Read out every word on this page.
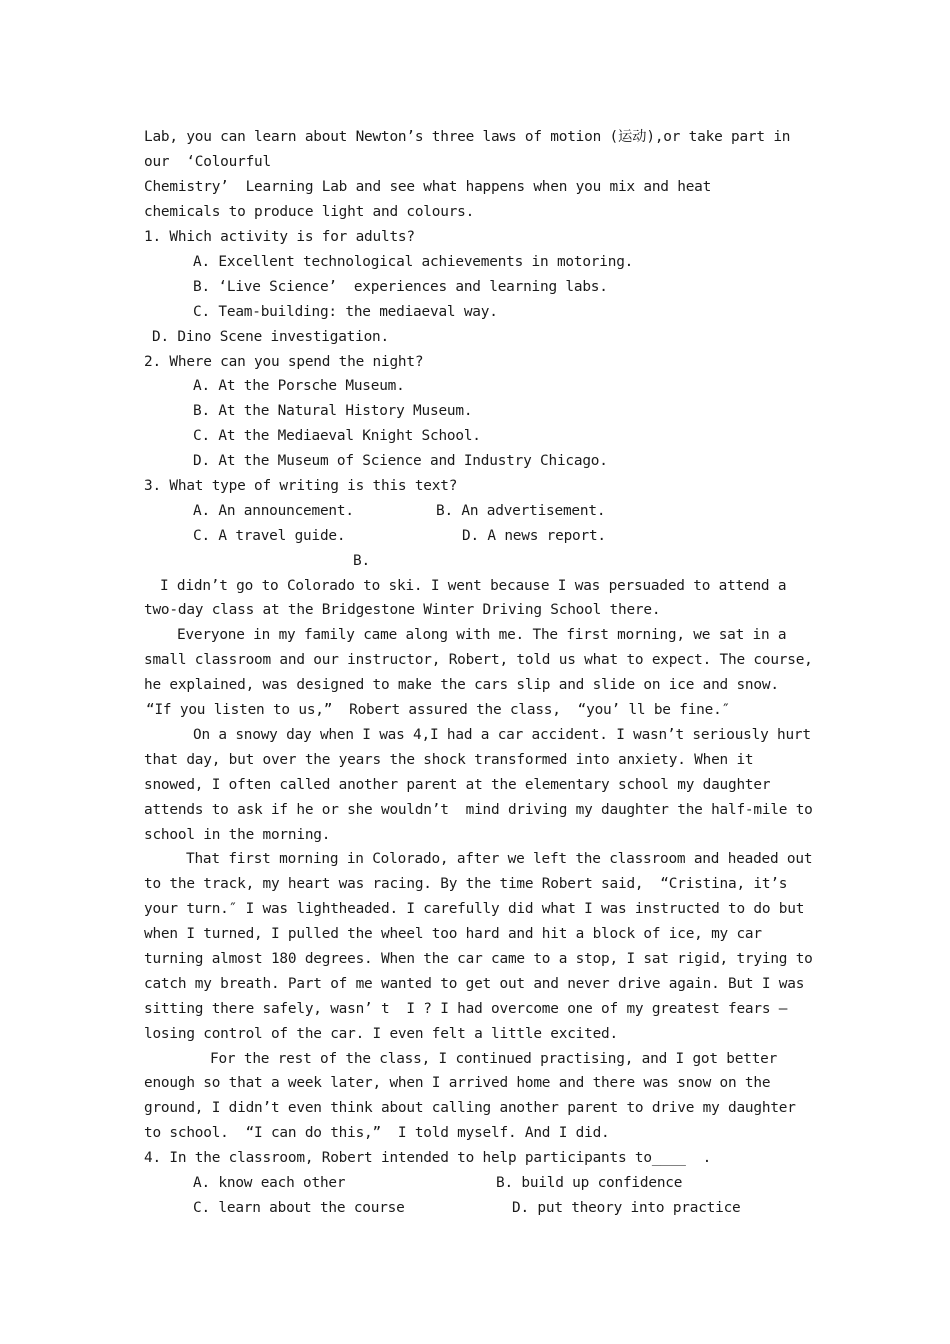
Lab, you can learn about Newton’s three laws of motion (运动),or take part in
our  ‘Colourful
Chemistry’  Learning Lab and see what happens when you mix and heat
chemicals to produce light and colours.
1. Which activity is for adults?
A. Excellent technological achievements in motoring.
B. ‘Live Science’  experiences and learning labs.
C. Team-building: the mediaeval way.
D. Dino Scene investigation.
2. Where can you spend the night?
A. At the Porsche Museum.
B. At the Natural History Museum.
C. At the Mediaeval Knight School.
D. At the Museum of Science and Industry Chicago.
3. What type of writing is this text?
A. An announcement.	B. An advertisement.
C. A travel guide.	D. A news report.
B.
I didn’t go to Colorado to ski. I went because I was persuaded to attend a
two-day class at the Bridgestone Winter Driving School there.
Everyone in my family came along with me. The first morning, we sat in a
small classroom and our instructor, Robert, told us what to expect. The course,
he explained, was designed to make the cars slip and slide on ice and snow.
“If you listen to us,”  Robert assured the class,  “you’ ll be fine.″
On a snowy day when I was 4,I had a car accident. I wasn’t seriously hurt
that day, but over the years the shock transformed into anxiety. When it
snowed, I often called another parent at the elementary school my daughter
attends to ask if he or she wouldn’t  mind driving my daughter the half-mile to
school in the morning.
That first morning in Colorado, after we left the classroom and headed out
to the track, my heart was racing. By the time Robert said,  “Cristina, it’s
your turn.″ I was lightheaded. I carefully did what I was instructed to do but
when I turned, I pulled the wheel too hard and hit a block of ice, my car
turning almost 180 degrees. When the car came to a stop, I sat rigid, trying to
catch my breath. Part of me wanted to get out and never drive again. But I was
sitting there safely, wasn’ t  I ? I had overcome one of my greatest fears —
losing control of the car. I even felt a little excited.
For the rest of the class, I continued practising, and I got better
enough so that a week later, when I arrived home and there was snow on the
ground, I didn’t even think about calling another parent to drive my daughter
to school.  “I can do this,”  I told myself. And I did.
4. In the classroom, Robert intended to help participants to____  .
A. know each other	B. build up confidence
C. learn about the course	D. put theory into practice
